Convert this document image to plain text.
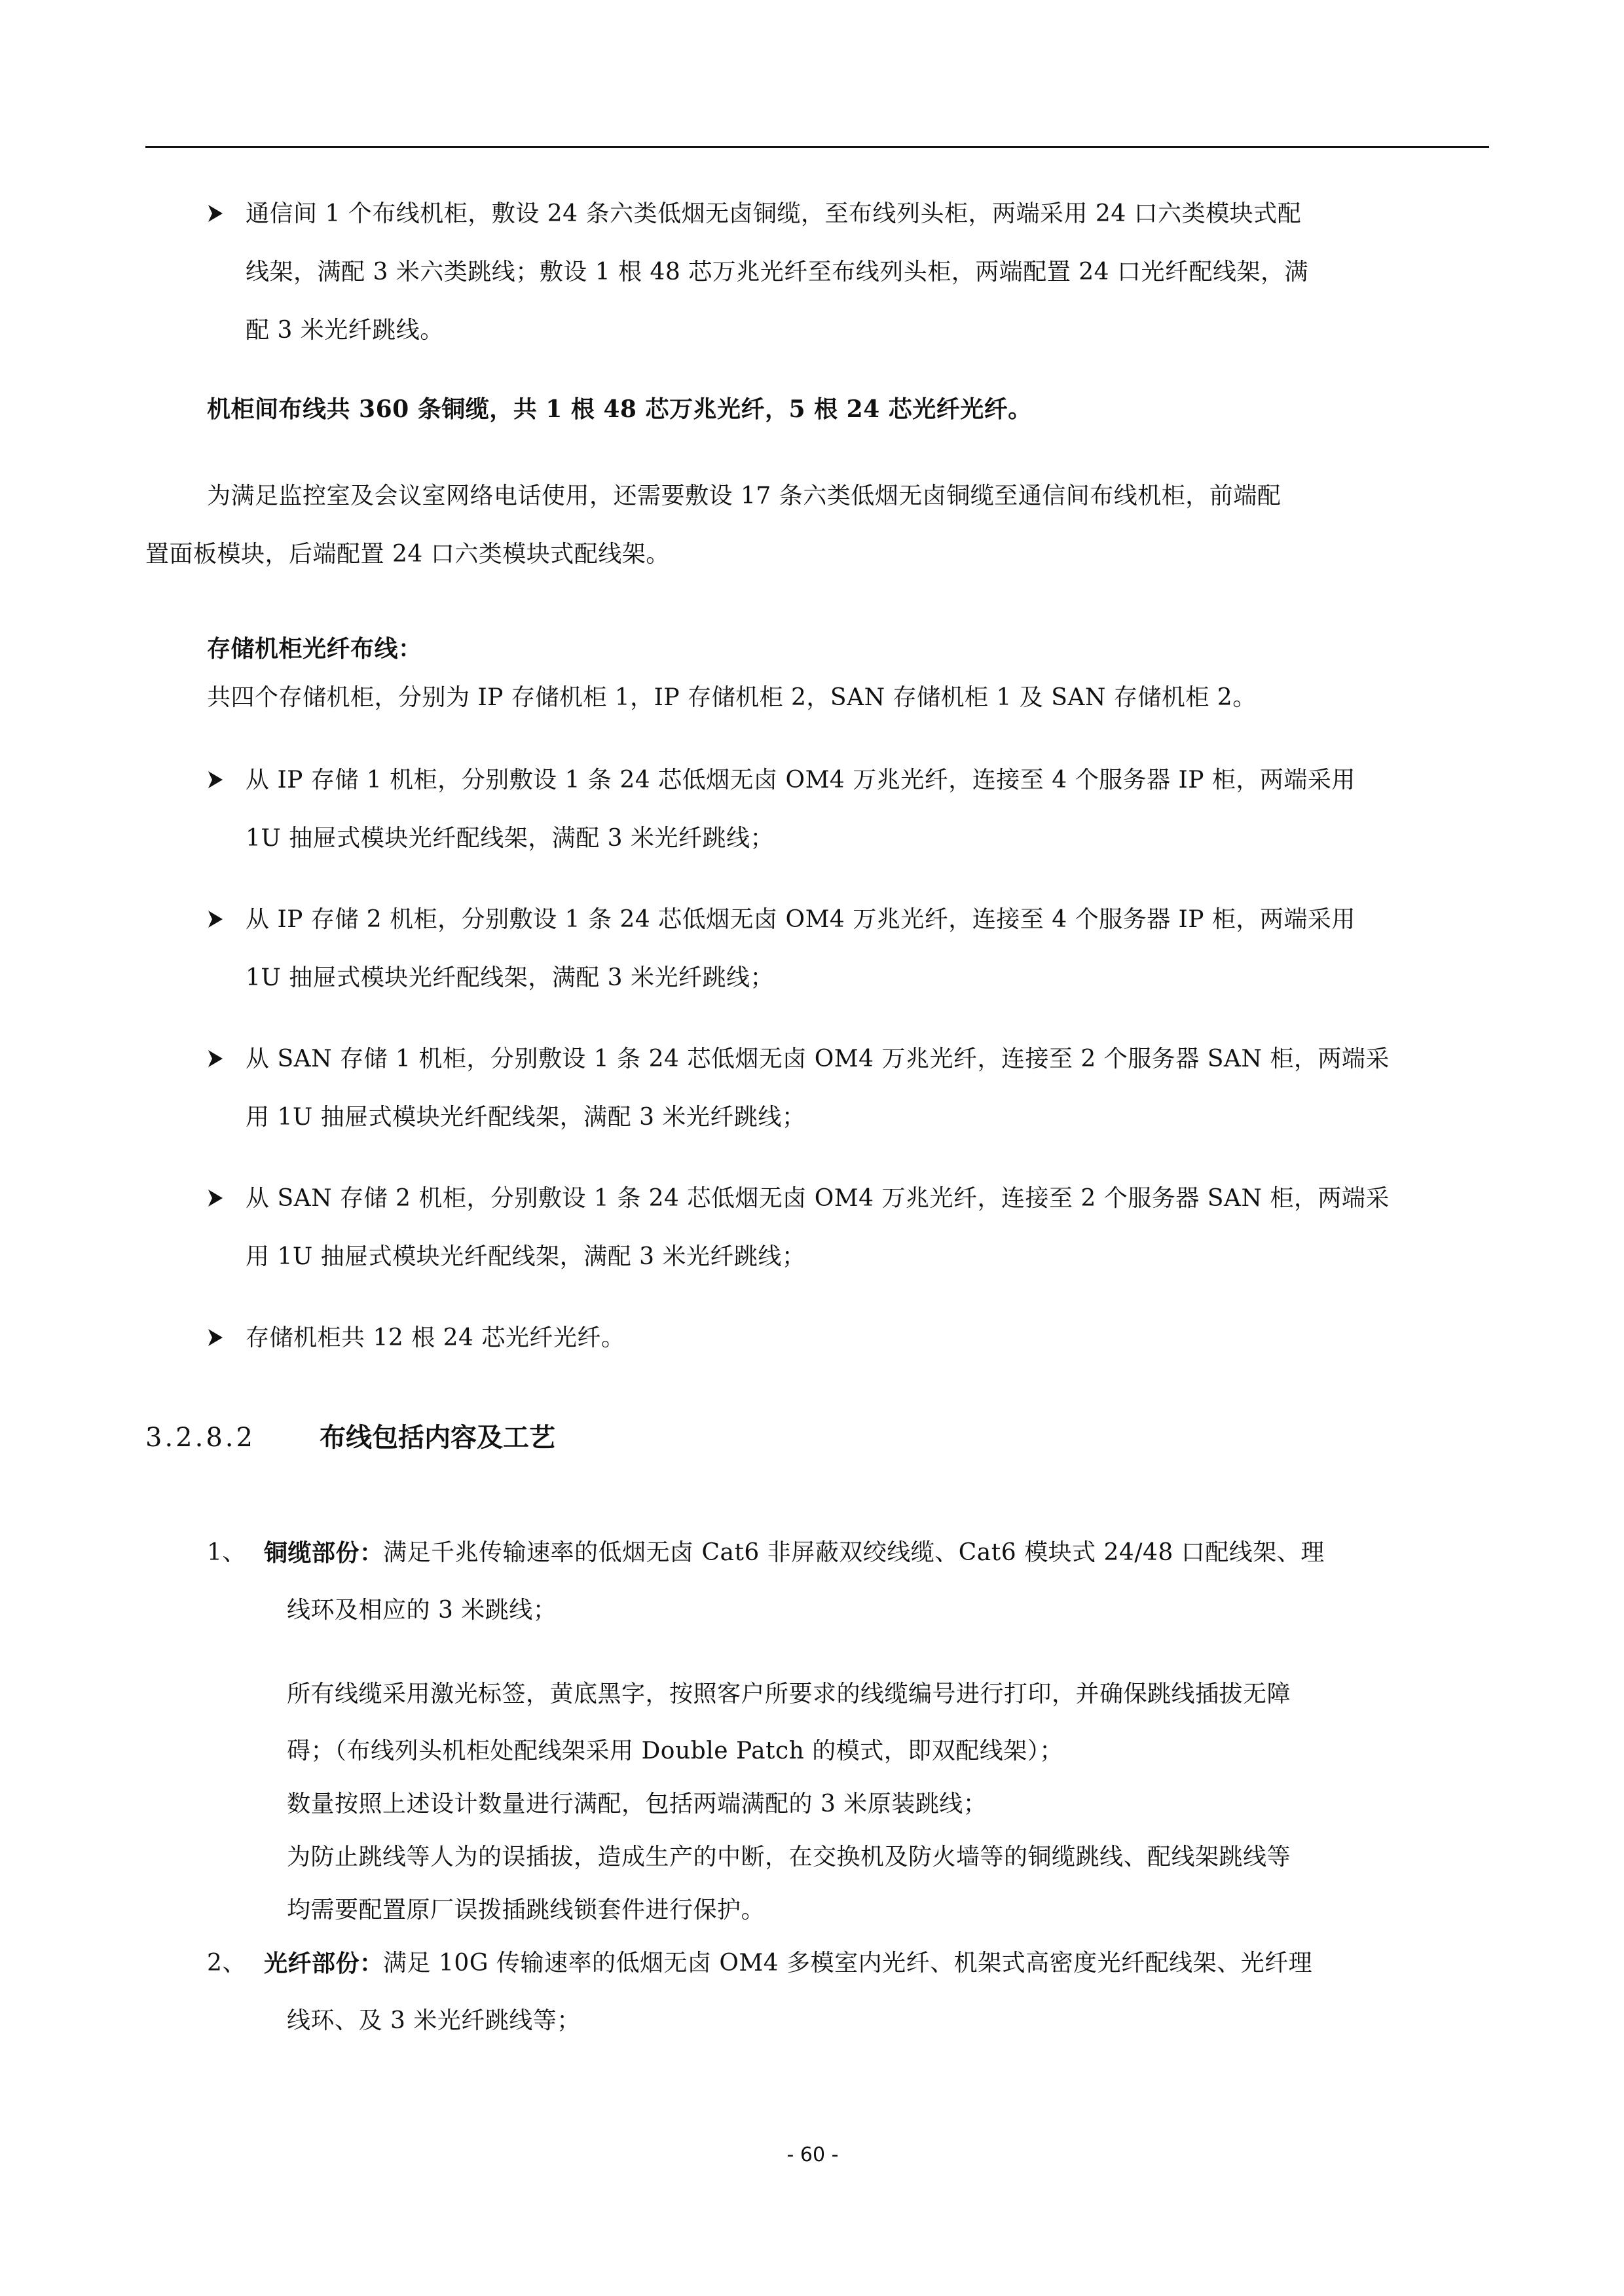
通信间 1 个布线机柜，敷设 24 条六类低烟无卤铜缆，至布线列头柜，两端采用 24 口六类模块式配
线架，满配 3 米六类跳线；敷设 1 根 48 芯万兆光纤至布线列头柜，两端配置 24 口光纤配线架，满
配 3 米光纤跳线。
机柜间布线共 360 条铜缆，共 1 根 48 芯万兆光纤，5 根 24 芯光纤光纤。
为满足监控室及会议室网络电话使用，还需要敷设 17 条六类低烟无卤铜缆至通信间布线机柜，前端配
置面板模块，后端配置 24 口六类模块式配线架。
存储机柜光纤布线：
共四个存储机柜，分别为 IP 存储机柜 1，IP 存储机柜 2，SAN 存储机柜 1 及 SAN 存储机柜 2。
从 IP 存储 1 机柜，分别敷设 1 条 24 芯低烟无卤 OM4 万兆光纤，连接至 4 个服务器 IP 柜，两端采用
1U 抽屉式模块光纤配线架，满配 3 米光纤跳线；
从 IP 存储 2 机柜，分别敷设 1 条 24 芯低烟无卤 OM4 万兆光纤，连接至 4 个服务器 IP 柜，两端采用
1U 抽屉式模块光纤配线架，满配 3 米光纤跳线；
从 SAN 存储 1 机柜，分别敷设 1 条 24 芯低烟无卤 OM4 万兆光纤，连接至 2 个服务器 SAN 柜，两端采
用 1U 抽屉式模块光纤配线架，满配 3 米光纤跳线；
从 SAN 存储 2 机柜，分别敷设 1 条 24 芯低烟无卤 OM4 万兆光纤，连接至 2 个服务器 SAN 柜，两端采
用 1U 抽屉式模块光纤配线架，满配 3 米光纤跳线；
存储机柜共 12 根 24 芯光纤光纤。
3.2.8.2 布线包括内容及工艺
1、 铜缆部份： 满足千兆传输速率的低烟无卤 Cat6 非屏蔽双绞线缆、Cat6 模块式 24/48 口配线架、理
线环及相应的 3 米跳线；
所有线缆采用激光标签，黄底黑字，按照客户所要求的线缆编号进行打印，并确保跳线插拔无障
碍；（布线列头机柜处配线架采用 Double Patch 的模式，即双配线架）；
数量按照上述设计数量进行满配，包括两端满配的 3 米原装跳线；
为防止跳线等人为的误插拔，造成生产的中断，在交换机及防火墙等的铜缆跳线、配线架跳线等
均需要配置原厂误拨插跳线锁套件进行保护。
2、 光纤部份： 满足 10G 传输速率的低烟无卤 OM4 多模室内光纤、机架式高密度光纤配线架、光纤理
线环、及 3 米光纤跳线等；
- 60 -
